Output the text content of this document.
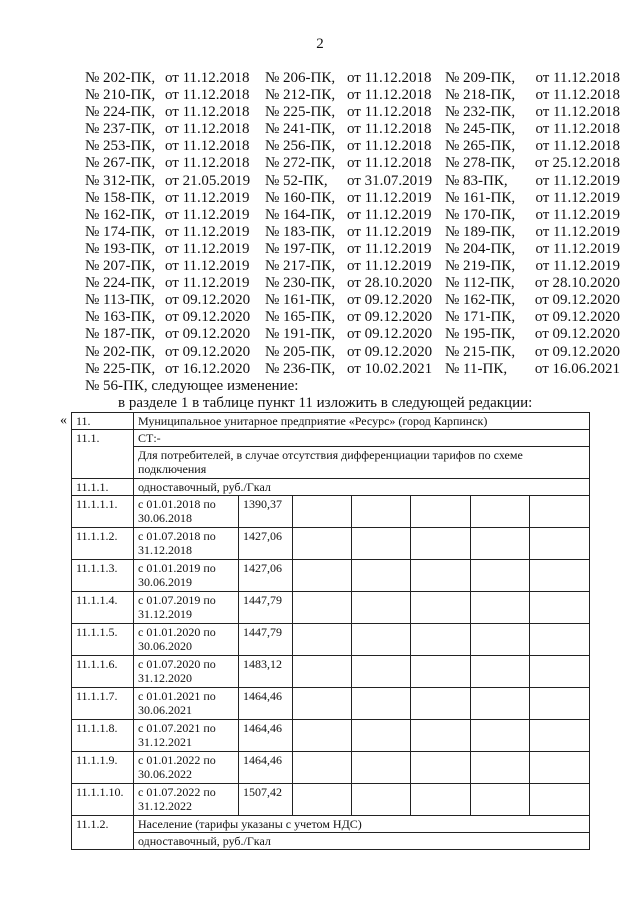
2
№ 202-ПК, от 11.12.2018	№ 206-ПК, от 11.12.2018 № 209-ПК,	от 11.12.2018
№ 210-ПК, от 11.12.2018	№ 212-ПК, от 11.12.2018 № 218-ПК,	от 11.12.2018
№ 224-ПК, от 11.12.2018	№ 225-ПК, от 11.12.2018 № 232-ПК,	от 11.12.2018
№ 237-ПК, от 11.12.2018	№ 241-ПК, от 11.12.2018 № 245-ПК,	от 11.12.2018
№ 253-ПК, от 11.12.2018	№ 256-ПК, от 11.12.2018 № 265-ПК,	от 11.12.2018
№ 267-ПК, от 11.12.2018	№ 272-ПК, от 11.12.2018 № 278-ПК,	от 25.12.2018
№ 312-ПК, от 21.05.2019 № 52-ПК,	от 31.07.2019 № 83-ПК,	от 11.12.2019
№ 158-ПК, от 11.12.2019	№ 160-ПК, от 11.12.2019 № 161-ПК,	от 11.12.2019
№ 162-ПК, от 11.12.2019	№ 164-ПК, от 11.12.2019 № 170-ПК,	от 11.12.2019
№ 174-ПК, от 11.12.2019	№ 183-ПК, от 11.12.2019 № 189-ПК,	от 11.12.2019
№ 193-ПК, от 11.12.2019	№ 197-ПК, от 11.12.2019 № 204-ПК,	от 11.12.2019
№ 207-ПК, от 11.12.2019	№ 217-ПК, от 11.12.2019 № 219-ПК,	от 11.12.2019
№ 224-ПК, от 11.12.2019	№ 230-ПК, от 28.10.2020 № 112-ПК,	от 28.10.2020
№ 113-ПК, от 09.12.2020 № 161-ПК, от 09.12.2020 № 162-ПК,	от 09.12.2020
№ 163-ПК, от 09.12.2020 № 165-ПК, от 09.12.2020 № 171-ПК,	от 09.12.2020
№ 187-ПК, от 09.12.2020 № 191-ПК, от 09.12.2020 № 195-ПК,	от 09.12.2020
№ 202-ПК, от 09.12.2020 № 205-ПК, от 09.12.2020 № 215-ПК,	от 09.12.2020
№ 225-ПК, от 16.12.2020 № 236-ПК, от 10.02.2021 № 11-ПК,	от 16.06.2021
№ 56-ПК, следующее изменение:
в разделе 1 в таблице пункт 11 изложить в следующей редакции:
« 11.	Муниципальное унитарное предприятие «Ресурс» (город Карпинск)						
11.1.	СТ:-						
	Для потребителей, в случае отсутствия дифференциации тарифов по схеме подключения						
11.1.1.	одноставочный, руб./Гкал						
11.1.1.1.	с 01.01.2018 по 30.06.2018	1390,37					
11.1.1.2.	с 01.07.2018 по 31.12.2018	1427,06					
11.1.1.3.	с 01.01.2019 по 30.06.2019	1427,06					
11.1.1.4.	с 01.07.2019 по 31.12.2019	1447,79					
11.1.1.5.	с 01.01.2020 по 30.06.2020	1447,79					
11.1.1.6.	с 01.07.2020 по 31.12.2020	1483,12					
11.1.1.7.	с 01.01.2021 по 30.06.2021	1464,46					
11.1.1.8.	с 01.07.2021 по 31.12.2021	1464,46					
11.1.1.9.	с 01.01.2022 по 30.06.2022	1464,46					
11.1.1.10.	с 01.07.2022 по 31.12.2022	1507,42					
11.1.2.	Население (тарифы указаны с учетом НДС)						
	одноставочный, руб./Гкал						
